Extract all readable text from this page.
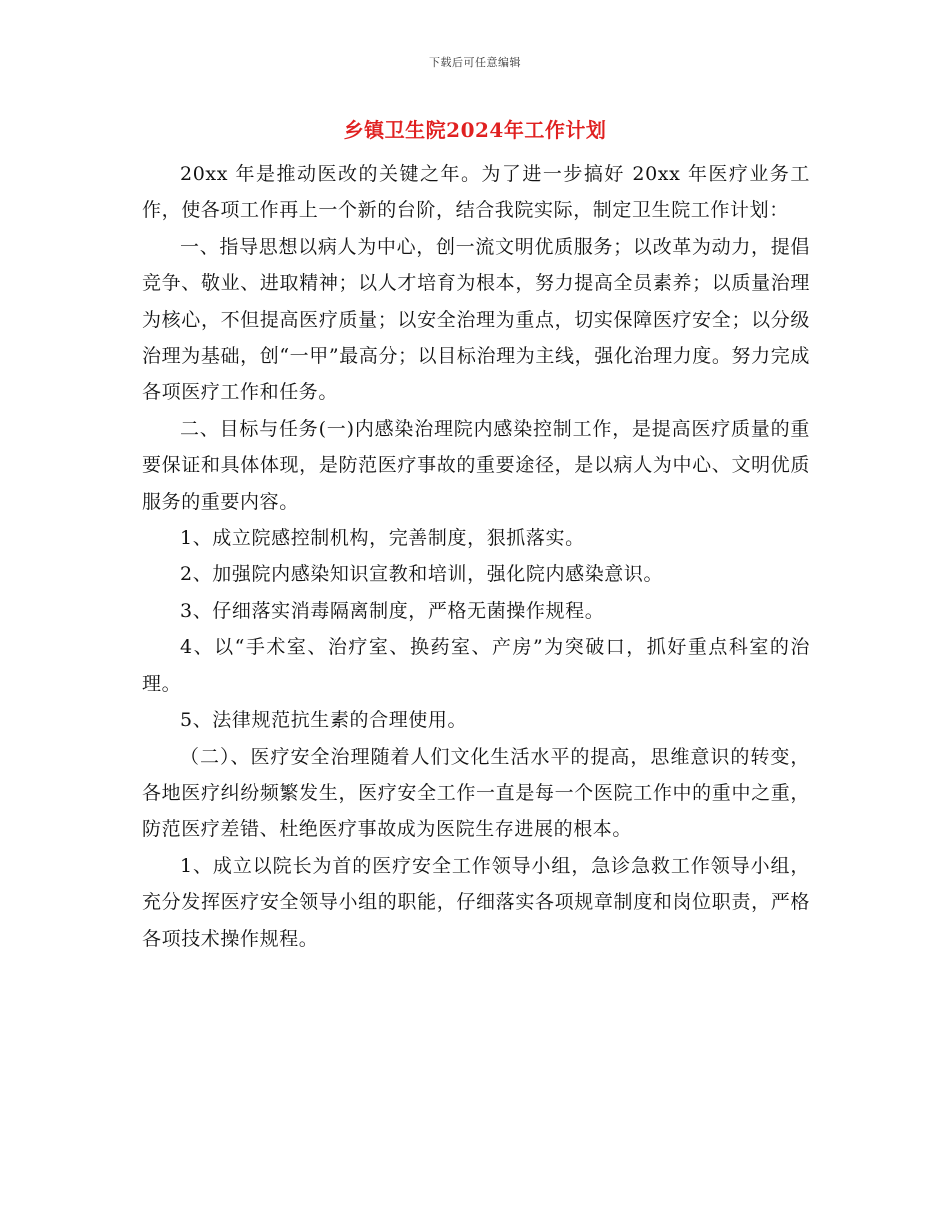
下载后可任意编辑
乡镇卫生院2024年工作计划

20xx 年是推动医改的关键之年。为了进一步搞好 20xx 年医疗业务工作，使各项工作再上一个新的台阶，结合我院实际，制定卫生院工作计划：

一、指导思想以病人为中心，创一流文明优质服务；以改革为动力，提倡竞争、敬业、进取精神；以人才培育为根本，努力提高全员素养；以质量治理为核心，不但提高医疗质量；以安全治理为重点，切实保障医疗安全；以分级治理为基础，创“一甲”最高分；以目标治理为主线，强化治理力度。努力完成各项医疗工作和任务。

二、目标与任务(一)内感染治理院内感染控制工作，是提高医疗质量的重要保证和具体体现，是防范医疗事故的重要途径，是以病人为中心、文明优质服务的重要内容。

1、成立院感控制机构，完善制度，狠抓落实。

2、加强院内感染知识宣教和培训，强化院内感染意识。

3、仔细落实消毒隔离制度，严格无菌操作规程。

4、以“手术室、治疗室、换药室、产房”为突破口，抓好重点科室的治理。

5、法律规范抗生素的合理使用。

（二）、医疗安全治理随着人们文化生活水平的提高，思维意识的转变，各地医疗纠纷频繁发生，医疗安全工作一直是每一个医院工作中的重中之重，防范医疗差错、杜绝医疗事故成为医院生存进展的根本。

1、成立以院长为首的医疗安全工作领导小组，急诊急救工作领导小组，充分发挥医疗安全领导小组的职能，仔细落实各项规章制度和岗位职责，严格各项技术操作规程。
